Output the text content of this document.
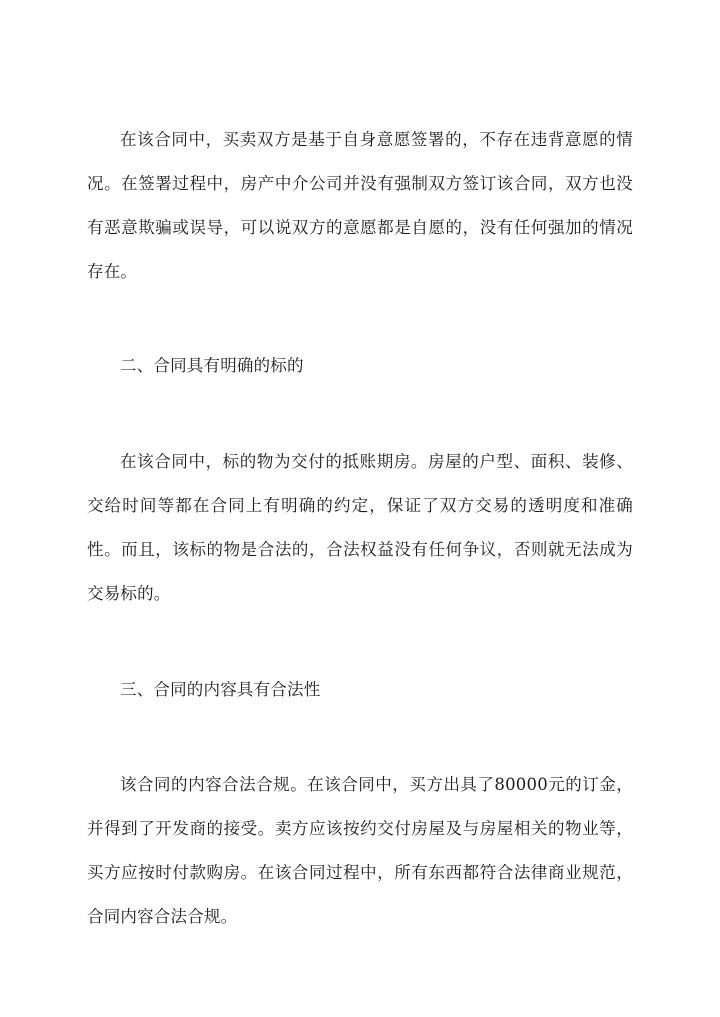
在该合同中，买卖双方是基于自身意愿签署的，不存在违背意愿的情况。在签署过程中，房产中介公司并没有强制双方签订该合同，双方也没有恶意欺骗或误导，可以说双方的意愿都是自愿的，没有任何强加的情况存在。

二、合同具有明确的标的

在该合同中，标的物为交付的抵账期房。房屋的户型、面积、装修、交给时间等都在合同上有明确的约定，保证了双方交易的透明度和准确性。而且，该标的物是合法的，合法权益没有任何争议，否则就无法成为交易标的。

三、合同的内容具有合法性

该合同的内容合法合规。在该合同中，买方出具了80000元的订金，并得到了开发商的接受。卖方应该按约交付房屋及与房屋相关的物业等，买方应按时付款购房。在该合同过程中，所有东西都符合法律商业规范，合同内容合法合规。
